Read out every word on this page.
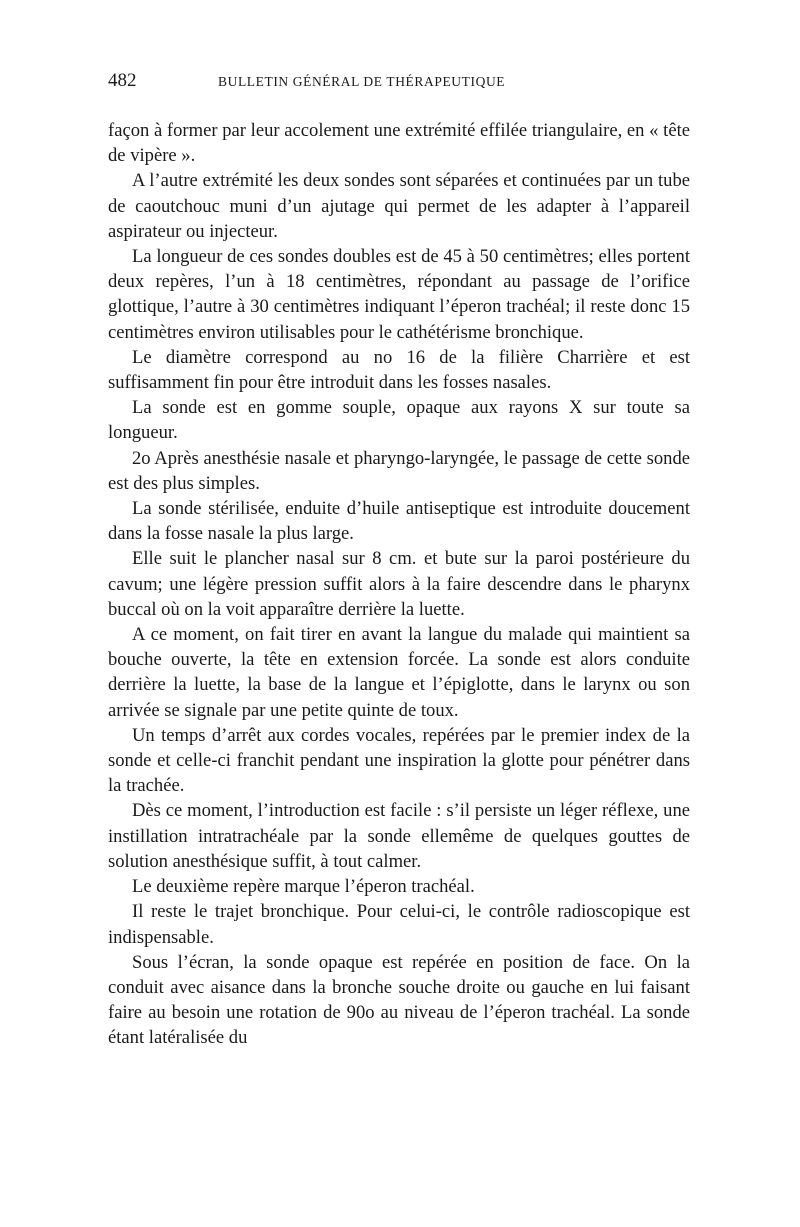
482	BULLETIN GÉNÉRAL DE THÉRAPEUTIQUE

façon à former par leur accolement une extrémité effilée triangulaire, en « tête de vipère ».

A l’autre extrémité les deux sondes sont séparées et continuées par un tube de caoutchouc muni d’un ajutage qui permet de les adapter à l’appareil aspirateur ou injecteur.

La longueur de ces sondes doubles est de 45 à 50 centimètres; elles portent deux repères, l’un à 18 centimètres, répondant au passage de l’orifice glottique, l’autre à 30 centimètres indiquant l’éperon trachéal; il reste donc 15 centimètres environ utilisables pour le cathétérisme bronchique.

Le diamètre correspond au no 16 de la filière Charrière et est suffisamment fin pour être introduit dans les fosses nasales.

La sonde est en gomme souple, opaque aux rayons X sur toute sa longueur.

2o Après anesthésie nasale et pharyngo-laryngée, le passage de cette sonde est des plus simples.

La sonde stérilisée, enduite d’huile antiseptique est introduite doucement dans la fosse nasale la plus large.

Elle suit le plancher nasal sur 8 cm. et bute sur la paroi postérieure du cavum; une légère pression suffit alors à la faire descendre dans le pharynx buccal où on la voit apparaître derrière la luette.

A ce moment, on fait tirer en avant la langue du malade qui maintient sa bouche ouverte, la tête en extension forcée. La sonde est alors conduite derrière la luette, la base de la langue et l’épiglotte, dans le larynx ou son arrivée se signale par une petite quinte de toux.

Un temps d’arrêt aux cordes vocales, repérées par le premier index de la sonde et celle-ci franchit pendant une inspiration la glotte pour pénétrer dans la trachée.

Dès ce moment, l’introduction est facile : s’il persiste un léger réflexe, une instillation intratrachéale par la sonde ellemême de quelques gouttes de solution anesthésique suffit, à tout calmer.

Le deuxième repère marque l’éperon trachéal.

Il reste le trajet bronchique. Pour celui-ci, le contrôle radioscopique est indispensable.

Sous l’écran, la sonde opaque est repérée en position de face. On la conduit avec aisance dans la bronche souche droite ou gauche en lui faisant faire au besoin une rotation de 90o au niveau de l’éperon trachéal. La sonde étant latéralisée du
